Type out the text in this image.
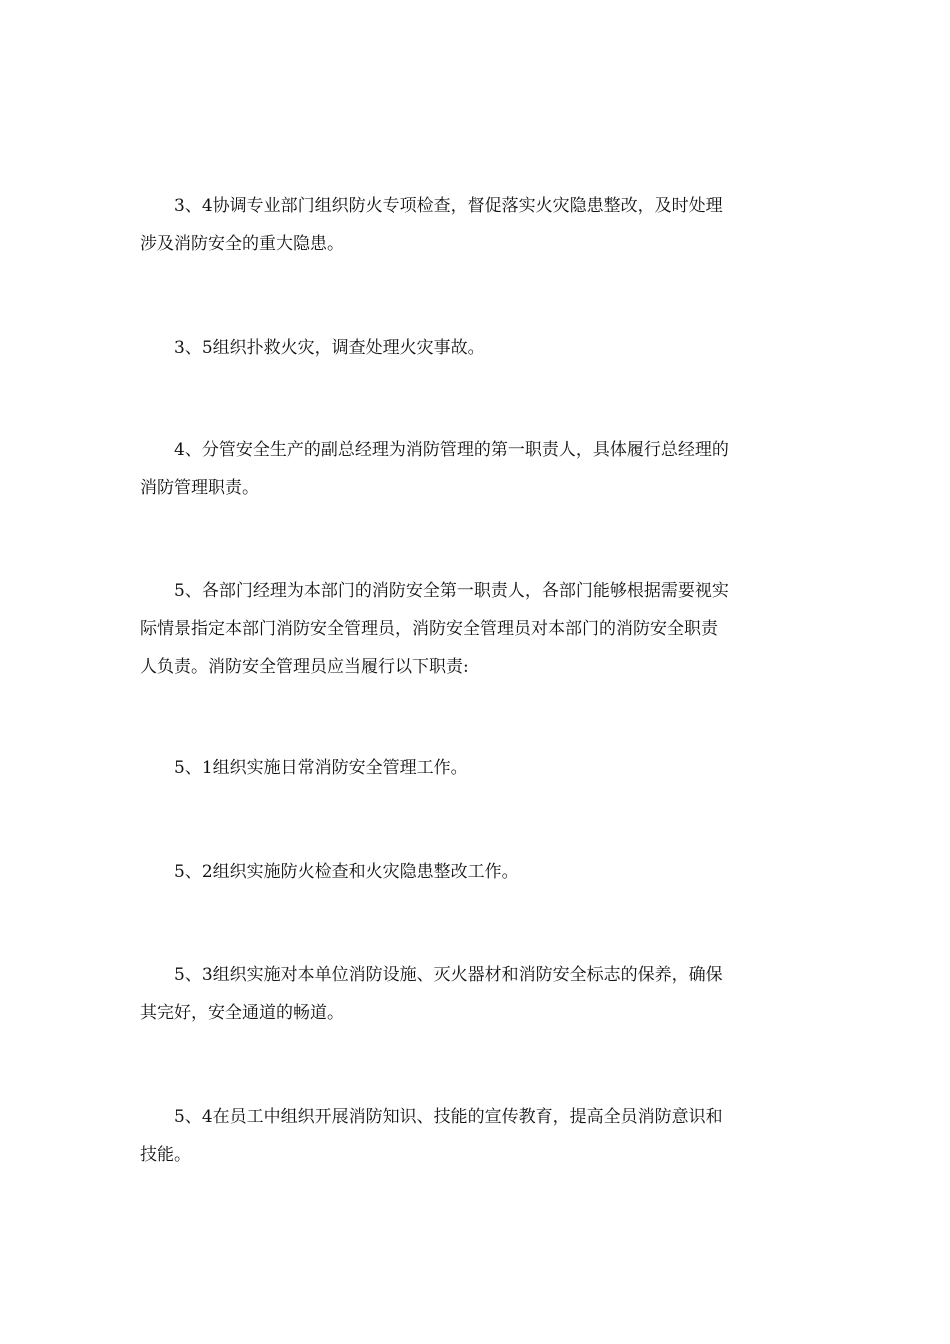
3、4协调专业部门组织防火专项检查，督促落实火灾隐患整改，及时处理
涉及消防安全的重大隐患。

3、5组织扑救火灾，调查处理火灾事故。

4、分管安全生产的副总经理为消防管理的第一职责人，具体履行总经理的
消防管理职责。

5、各部门经理为本部门的消防安全第一职责人，各部门能够根据需要视实
际情景指定本部门消防安全管理员，消防安全管理员对本部门的消防安全职责
人负责。消防安全管理员应当履行以下职责:

5、1组织实施日常消防安全管理工作。

5、2组织实施防火检查和火灾隐患整改工作。

5、3组织实施对本单位消防设施、灭火器材和消防安全标志的保养，确保
其完好，安全通道的畅道。

5、4在员工中组织开展消防知识、技能的宣传教育，提高全员消防意识和
技能。
